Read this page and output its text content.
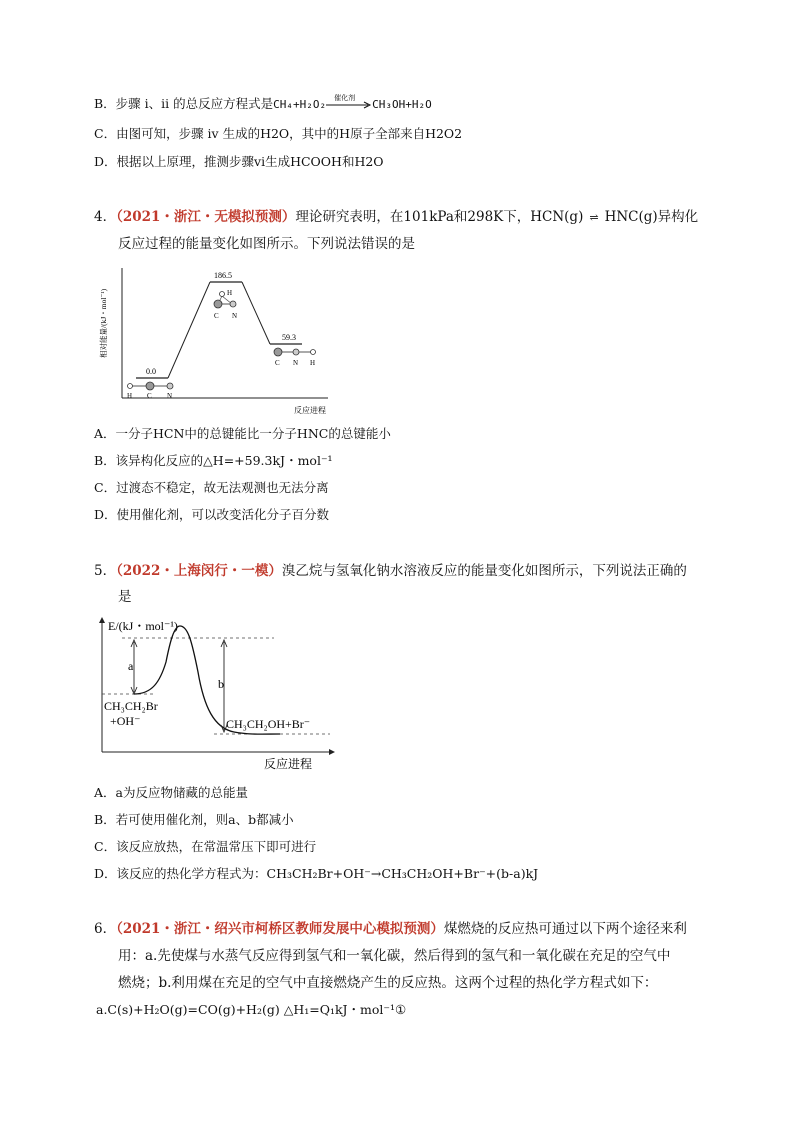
B．步骤 i、ii 的总反应方程式是CH₄+H₂O₂
催化剂
CH₃OH+H₂O
C．由图可知，步骤 iv 生成的H2O，其中的H原子全部来自H2O2
D．根据以上原理，推测步骤vi生成HCOOH和H2O
4．（2021・浙江・无模拟预测）理论研究表明，在101kPa和298K下，HCN(g) ⇌ HNC(g)异构化
反应过程的能量变化如图所示。下列说法错误的是
相对能量/(kJ・mol⁻¹)
反应进程
0.0
186.5
59.3
H C N
H
C N
C N H
A．一分子HCN中的总键能比一分子HNC的总键能小
B．该异构化反应的△H=+59.3kJ・mol⁻¹
C．过渡态不稳定，故无法观测也无法分离
D．使用催化剂，可以改变活化分子百分数
5．（2022・上海闵行・一模）溴乙烷与氢氧化钠水溶液反应的能量变化如图所示，下列说法正确的
是
E/(kJ・mol⁻¹)
反应进程
a
b
CH₃CH₂Br
+OH⁻	CH₃CH₂OH+Br⁻
A．a为反应物储藏的总能量
B．若可使用催化剂，则a、b都减小
C．该反应放热，在常温常压下即可进行
D．该反应的热化学方程式为：CH₃CH₂Br+OH⁻→CH₃CH₂OH+Br⁻+(b-a)kJ
6．（2021・浙江・绍兴市柯桥区教师发展中心模拟预测）煤燃烧的反应热可通过以下两个途径来利
用：a.先使煤与水蒸气反应得到氢气和一氧化碳，然后得到的氢气和一氧化碳在充足的空气中
燃烧；b.利用煤在充足的空气中直接燃烧产生的反应热。这两个过程的热化学方程式如下：
a.C(s)+H₂O(g)=CO(g)+H₂(g) △H₁=Q₁kJ・mol⁻¹①
